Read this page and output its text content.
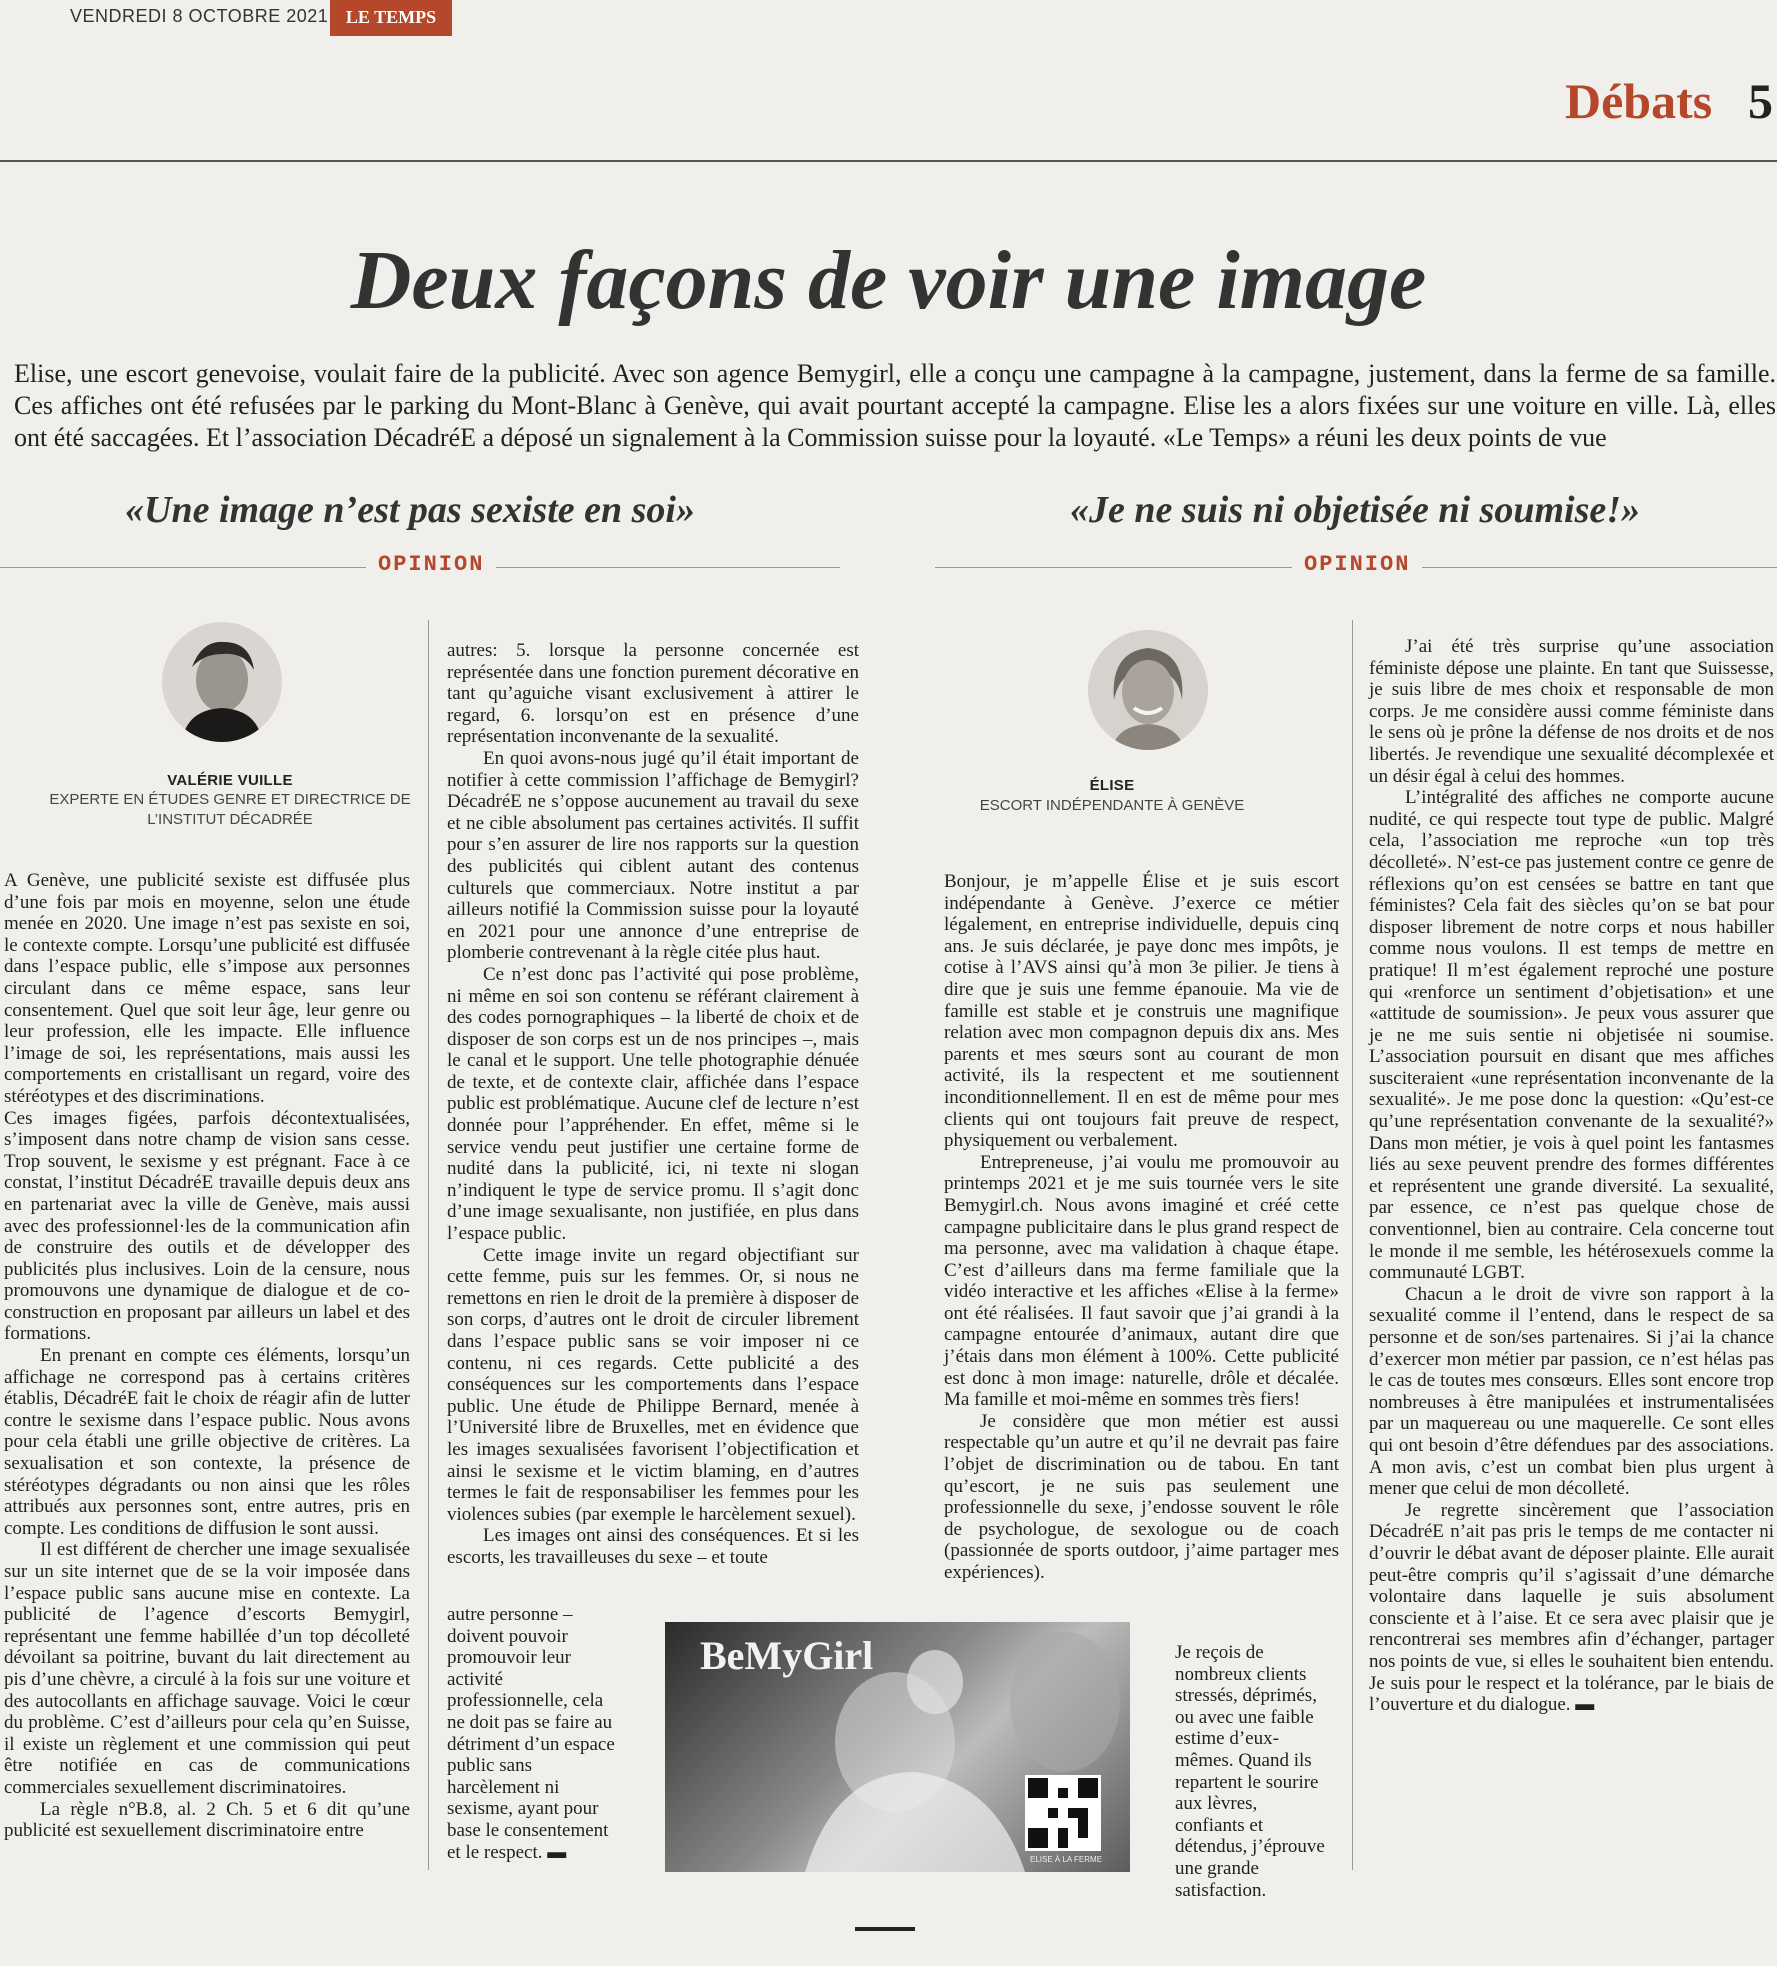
VENDREDI 8 OCTOBRE 2021 LE TEMPS
Débats 5
Deux façons de voir une image
Elise, une escort genevoise, voulait faire de la publicité. Avec son agence Bemygirl, elle a conçu une campagne à la campagne, justement, dans la ferme de sa famille. Ces affiches ont été refusées par le parking du Mont-Blanc à Genève, qui avait pourtant accepté la campagne. Elise les a alors fixées sur une voiture en ville. Là, elles ont été saccagées. Et l’association DécadréE a déposé un signalement à la Commission suisse pour la loyauté. «Le Temps» a réuni les deux points de vue
«Une image n’est pas sexiste en soi»
OPINION
«Je ne suis ni objetisée ni soumise!»
OPINION
VALÉRIE VUILLE
EXPERTE EN ÉTUDES GENRE ET DIRECTRICE DE L’INSTITUT DÉCADRÉE
ÉLISE
ESCORT INDÉPENDANTE À GENÈVE

A Genève, une publicité sexiste est diffusée plus d’une fois par mois en moyenne, selon une étude menée en 2020. Une image n’est pas sexiste en soi, le contexte compte. Lorsqu’une publicité est diffusée dans l’espace public, elle s’impose aux personnes circulant dans ce même espace, sans leur consentement. Quel que soit leur âge, leur genre ou leur profession, elle les impacte. Elle influence l’image de soi, les représentations, mais aussi les comportements en cristallisant un regard, voire des stéréotypes et des discriminations.

Ces images figées, parfois décontextualisées, s’imposent dans notre champ de vision sans cesse. Trop souvent, le sexisme y est prégnant. Face à ce constat, l’institut DécadréE travaille depuis deux ans en partenariat avec la ville de Genève, mais aussi avec des professionnel·les de la communication afin de construire des outils et de développer des publicités plus inclusives. Loin de la censure, nous promouvons une dynamique de dialogue et de co-construction en proposant par ailleurs un label et des formations.

En prenant en compte ces éléments, lorsqu’un affichage ne correspond pas à certains critères établis, DécadréE fait le choix de réagir afin de lutter contre le sexisme dans l’espace public. Nous avons pour cela établi une grille objective de critères. La sexualisation et son contexte, la présence de stéréotypes dégradants ou non ainsi que les rôles attribués aux personnes sont, entre autres, pris en compte. Les conditions de diffusion le sont aussi.

Il est différent de chercher une image sexualisée sur un site internet que de se la voir imposée dans l’espace public sans aucune mise en contexte. La publicité de l’agence d’escorts Bemygirl, représentant une femme habillée d’un top décolleté dévoilant sa poitrine, buvant du lait directement au pis d’une chèvre, a circulé à la fois sur une voiture et des autocollants en affichage sauvage. Voici le cœur du problème. C’est d’ailleurs pour cela qu’en Suisse, il existe un règlement et une commission qui peut être notifiée en cas de communications commerciales sexuellement discriminatoires.

La règle n°B.8, al. 2 Ch. 5 et 6 dit qu’une publicité est sexuellement discriminatoire entre

autres: 5. lorsque la personne concernée est représentée dans une fonction purement décorative en tant qu’aguiche visant exclusivement à attirer le regard, 6. lorsqu’on est en présence d’une représentation inconvenante de la sexualité.

En quoi avons-nous jugé qu’il était important de notifier à cette commission l’affichage de Bemygirl? DécadréE ne s’oppose aucunement au travail du sexe et ne cible absolument pas certaines activités. Il suffit pour s’en assurer de lire nos rapports sur la question des publicités qui ciblent autant des contenus culturels que commerciaux. Notre institut a par ailleurs notifié la Commission suisse pour la loyauté en 2021 pour une annonce d’une entreprise de plomberie contrevenant à la règle citée plus haut.

Ce n’est donc pas l’activité qui pose problème, ni même en soi son contenu se référant clairement à des codes pornographiques – la liberté de choix et de disposer de son corps est un de nos principes –, mais le canal et le support. Une telle photographie dénuée de texte, et de contexte clair, affichée dans l’espace public est problématique. Aucune clef de lecture n’est donnée pour l’appréhender. En effet, même si le service vendu peut justifier une certaine forme de nudité dans la publicité, ici, ni texte ni slogan n’indiquent le type de service promu. Il s’agit donc d’une image sexualisante, non justifiée, en plus dans l’espace public.

Cette image invite un regard objectifiant sur cette femme, puis sur les femmes. Or, si nous ne remettons en rien le droit de la première à disposer de son corps, d’autres ont le droit de circuler librement dans l’espace public sans se voir imposer ni ce contenu, ni ces regards. Cette publicité a des conséquences sur les comportements dans l’espace public. Une étude de Philippe Bernard, menée à l’Université libre de Bruxelles, met en évidence que les images sexualisées favorisent l’objectification et ainsi le sexisme et le victim blaming, en d’autres termes le fait de responsabiliser les femmes pour les violences subies (par exemple le harcèlement sexuel).

Les images ont ainsi des conséquences. Et si les escorts, les travailleuses du sexe – et toute

autre personne – doivent pouvoir promouvoir leur activité professionnelle, cela ne doit pas se faire au détriment d’un espace public sans harcèlement ni sexisme, ayant pour base le consentement et le respect. ▬
BeMyGirl
ELISE À LA FERME

Bonjour, je m’appelle Élise et je suis escort indépendante à Genève. J’exerce ce métier légalement, en entreprise individuelle, depuis cinq ans. Je suis déclarée, je paye donc mes impôts, je cotise à l’AVS ainsi qu’à mon 3e pilier. Je tiens à dire que je suis une femme épanouie. Ma vie de famille est stable et je construis une magnifique relation avec mon compagnon depuis dix ans. Mes parents et mes sœurs sont au courant de mon activité, ils la respectent et me soutiennent inconditionnellement. Il en est de même pour mes clients qui ont toujours fait preuve de respect, physiquement ou verbalement.

Entrepreneuse, j’ai voulu me promouvoir au printemps 2021 et je me suis tournée vers le site Bemygirl.ch. Nous avons imaginé et créé cette campagne publicitaire dans le plus grand respect de ma personne, avec ma validation à chaque étape. C’est d’ailleurs dans ma ferme familiale que la vidéo interactive et les affiches «Elise à la ferme» ont été réalisées. Il faut savoir que j’ai grandi à la campagne entourée d’animaux, autant dire que j’étais dans mon élément à 100%. Cette publicité est donc à mon image: naturelle, drôle et décalée. Ma famille et moi-même en sommes très fiers!

Je considère que mon métier est aussi respectable qu’un autre et qu’il ne devrait pas faire l’objet de discrimination ou de tabou. En tant qu’escort, je ne suis pas seulement une professionnelle du sexe, j’endosse souvent le rôle de psychologue, de sexologue ou de coach (passionnée de sports outdoor, j’aime partager mes expériences).

Je reçois de nombreux clients stressés, déprimés, ou avec une faible estime d’eux-mêmes. Quand ils repartent le sourire aux lèvres, confiants et détendus, j’éprouve une grande satisfaction.

J’ai été très surprise qu’une association féministe dépose une plainte. En tant que Suissesse, je suis libre de mes choix et responsable de mon corps. Je me considère aussi comme féministe dans le sens où je prône la défense de nos droits et de nos libertés. Je revendique une sexualité décomplexée et un désir égal à celui des hommes.

L’intégralité des affiches ne comporte aucune nudité, ce qui respecte tout type de public. Malgré cela, l’association me reproche «un top très décolleté». N’est-ce pas justement contre ce genre de réflexions qu’on est censées se battre en tant que féministes? Cela fait des siècles qu’on se bat pour disposer librement de notre corps et nous habiller comme nous voulons. Il est temps de mettre en pratique! Il m’est également reproché une posture qui «renforce un sentiment d’objetisation» et une «attitude de soumission». Je peux vous assurer que je ne me suis sentie ni objetisée ni soumise. L’association poursuit en disant que mes affiches susciteraient «une représentation inconvenante de la sexualité». Je me pose donc la question: «Qu’est-ce qu’une représentation convenante de la sexualité?» Dans mon métier, je vois à quel point les fantasmes liés au sexe peuvent prendre des formes différentes et représentent une grande diversité. La sexualité, par essence, ce n’est pas quelque chose de conventionnel, bien au contraire. Cela concerne tout le monde il me semble, les hétérosexuels comme la communauté LGBT.

Chacun a le droit de vivre son rapport à la sexualité comme il l’entend, dans le respect de sa personne et de son/ses partenaires. Si j’ai la chance d’exercer mon métier par passion, ce n’est hélas pas le cas de toutes mes consœurs. Elles sont encore trop nombreuses à être manipulées et instrumentalisées par un maquereau ou une maquerelle. Ce sont elles qui ont besoin d’être défendues par des associations. A mon avis, c’est un combat bien plus urgent à mener que celui de mon décolleté.

Je regrette sincèrement que l’association DécadréE n’ait pas pris le temps de me contacter ni d’ouvrir le débat avant de déposer plainte. Elle aurait peut-être compris qu’il s’agissait d’une démarche volontaire dans laquelle je suis absolument consciente et à l’aise. Et ce sera avec plaisir que je rencontrerai ses membres afin d’échanger, partager nos points de vue, si elles le souhaitent bien entendu. Je suis pour le respect et la tolérance, par le biais de l’ouverture et du dialogue. ▬
